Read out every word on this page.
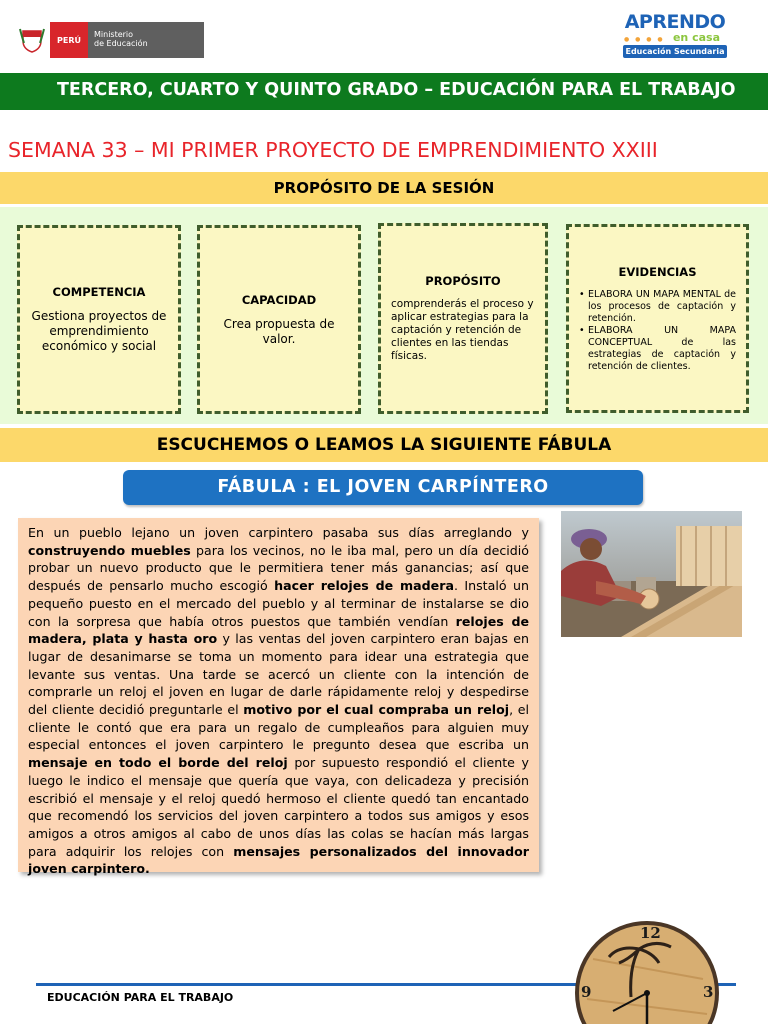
PERÚ
Ministerio
de Educación
APRENDO
● ● ● ● en casa
Educación Secundaria
TERCERO, CUARTO Y QUINTO GRADO – EDUCACIÓN PARA EL TRABAJO
SEMANA 33 – MI PRIMER PROYECTO DE EMPRENDIMIENTO XXIII
PROPÓSITO DE LA SESIÓN
COMPETENCIA
Gestiona proyectos de emprendimiento económico y social
CAPACIDAD
Crea propuesta de valor.
PROPÓSITO
comprenderás el proceso y aplicar estrategias para la captación y retención de clientes en las tiendas físicas.
EVIDENCIAS
• ELABORA UN MAPA MENTAL de los procesos de captación y retención.
• ELABORA UN MAPA CONCEPTUAL de las estrategias de captación y retención de clientes.
ESCUCHEMOS O LEAMOS LA SIGUIENTE FÁBULA
FÁBULA : EL JOVEN CARPÍNTERO

En un pueblo lejano un joven carpintero pasaba sus días arreglando y construyendo muebles para los vecinos, no le iba mal, pero un día decidió probar un nuevo producto que le permitiera tener más ganancias; así que después de pensarlo mucho escogió hacer relojes de madera. Instaló un pequeño puesto en el mercado del pueblo y al terminar de instalarse se dio con la sorpresa que había otros puestos que también vendían relojes de madera, plata y hasta oro y las ventas del joven carpintero eran bajas en lugar de desanimarse se toma un momento para idear una estrategia que levante sus ventas. Una tarde se acercó un cliente con la intención de comprarle un reloj el joven en lugar de darle rápidamente reloj y despedirse del cliente decidió preguntarle el motivo por el cual compraba un reloj, el cliente le contó que era para un regalo de cumpleaños para alguien muy especial entonces el joven carpintero le pregunto desea que escriba un mensaje en todo el borde del reloj por supuesto respondió el cliente y luego le indico el mensaje que quería que vaya, con delicadeza y precisión escribió el mensaje y el reloj quedó hermoso el cliente quedó tan encantado que recomendó los servicios del joven carpintero a todos sus amigos y esos amigos a otros amigos al cabo de unos días las colas se hacían más largas para adquirir los relojes con mensajes personalizados del innovador joven carpintero.

EDUCACIÓN PARA EL TRABAJO
12
9	3
